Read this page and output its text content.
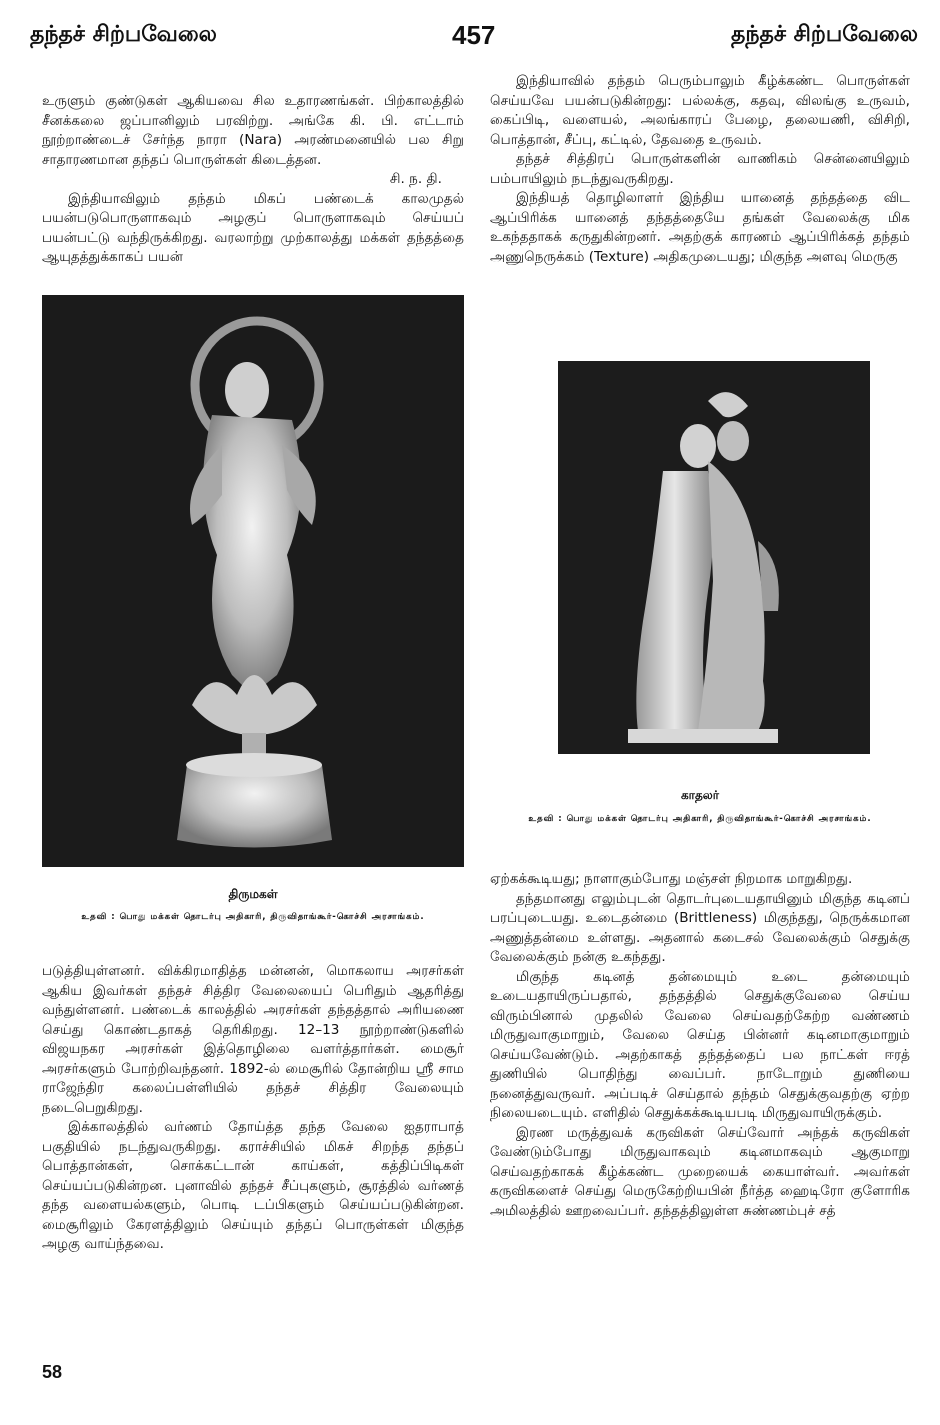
தந்தச் சிற்பவேலை	457	தந்தச் சிற்பவேலை

உருளும் குண்டுகள் ஆகியவை சில உதாரணங்கள். பிற்காலத்தில் சீனக்கலை ஜப்பானிலும் பரவிற்று. அங்கே கி. பி. எட்டாம் நூற்றாண்டைச் சேர்ந்த நாரா (Nara) அரண்மனையில் பல சிறு சாதாரணமான தந்தப் பொருள்கள் கிடைத்தன.

சி. ந. தி.

இந்தியாவிலும் தந்தம் மிகப் பண்டைக் காலமுதல் பயன்படுபொருளாகவும் அழகுப் பொருளாகவும் செய்யப் பயன்பட்டு வந்திருக்கிறது. வரலாற்று முற்காலத்து மக்கள் தந்தத்தை ஆயுதத்துக்காகப் பயன்

திருமகள்
உதவி : பொது மக்கள் தொடர்பு அதிகாரி, திருவிதாங்கூர்-கொச்சி அரசாங்கம்.

படுத்தியுள்ளனர். விக்கிரமாதித்த மன்னன், மொகலாய அரசர்கள் ஆகிய இவர்கள் தந்தச் சித்திர வேலையைப் பெரிதும் ஆதரித்து வந்துள்ளனர். பண்டைக் காலத்தில் அரசர்கள் தந்தத்தால் அரியணை செய்து கொண்டதாகத் தெரிகிறது. 12–13 நூற்றாண்டுகளில் விஜயநகர அரசர்கள் இத்தொழிலை வளர்த்தார்கள். மைசூர் அரசர்களும் போற்றிவந்தனர். 1892-ல் மைசூரில் தோன்றிய ஸ்ரீ சாம ராஜேந்திர கலைப்பள்ளியில் தந்தச் சித்திர வேலையும் நடைபெறுகிறது.

இக்காலத்தில் வர்ணம் தோய்த்த தந்த வேலை ஐதராபாத் பகுதியில் நடந்துவருகிறது. கராச்சியில் மிகச் சிறந்த தந்தப் பொத்தான்கள், சொக்கட்டான் காய்கள், கத்திப்பிடிகள் செய்யப்படுகின்றன. புனாவில் தந்தச் சீப்புகளும், சூரத்தில் வர்ணத் தந்த வளையல்களும், பொடி டப்பிகளும் செய்யப்படுகின்றன. மைசூரிலும் கேரளத்திலும் செய்யும் தந்தப் பொருள்கள் மிகுந்த அழகு வாய்ந்தவை.

இந்தியாவில் தந்தம் பெரும்பாலும் கீழ்க்கண்ட பொருள்கள் செய்யவே பயன்படுகின்றது: பல்லக்கு, கதவு, விலங்கு உருவம், கைப்பிடி, வளையல், அலங்காரப் பேழை, தலையணி, விசிறி, பொத்தான், சீப்பு, கட்டில், தேவதை உருவம்.

தந்தச் சித்திரப் பொருள்களின் வாணிகம் சென்னையிலும் பம்பாயிலும் நடந்துவருகிறது.

இந்தியத் தொழிலாளர் இந்திய யானைத் தந்தத்தை விட ஆப்பிரிக்க யானைத் தந்தத்தையே தங்கள் வேலைக்கு மிக உகந்ததாகக் கருதுகின்றனர். அதற்குக் காரணம் ஆப்பிரிக்கத் தந்தம் அணுநெருக்கம் (Texture) அதிகமுடையது; மிகுந்த அளவு மெருகு

காதலர்
உதவி : பொது மக்கள் தொடர்பு அதிகாரி, திருவிதாங்கூர்-கொச்சி அரசாங்கம்.

ஏற்கக்கூடியது; நாளாகும்போது மஞ்சள் நிறமாக மாறுகிறது.

தந்தமானது எலும்புடன் தொடர்புடையதாயினும் மிகுந்த கடினப் பரப்புடையது. உடைதன்மை (Brittleness) மிகுந்தது, நெருக்கமான அணுத்தன்மை உள்ளது. அதனால் கடைசல் வேலைக்கும் செதுக்கு வேலைக்கும் நன்கு உகந்தது.

மிகுந்த கடினத் தன்மையும் உடை தன்மையும் உடையதாயிருப்பதால், தந்தத்தில் செதுக்குவேலை செய்ய விரும்பினால் முதலில் வேலை செய்வதற்கேற்ற வண்ணம் மிருதுவாகுமாறும், வேலை செய்த பின்னர் கடினமாகுமாறும் செய்யவேண்டும். அதற்காகத் தந்தத்தைப் பல நாட்கள் ஈரத் துணியில் பொதிந்து வைப்பர். நாடோறும் துணியை நனைத்துவருவர். அப்படிச் செய்தால் தந்தம் செதுக்குவதற்கு ஏற்ற நிலையடையும். எளிதில் செதுக்கக்கூடியபடி மிருதுவாயிருக்கும்.

இரண மருத்துவக் கருவிகள் செய்வோர் அந்தக் கருவிகள் வேண்டும்போது மிருதுவாகவும் கடினமாகவும் ஆகுமாறு செய்வதற்காகக் கீழ்க்கண்ட முறையைக் கையாள்வர். அவர்கள் கருவிகளைச் செய்து மெருகேற்றியபின் நீர்த்த ஹைடிரோ குளோரிக அமிலத்தில் ஊறவைப்பர். தந்தத்திலுள்ள சுண்ணம்புச் சத்

58
